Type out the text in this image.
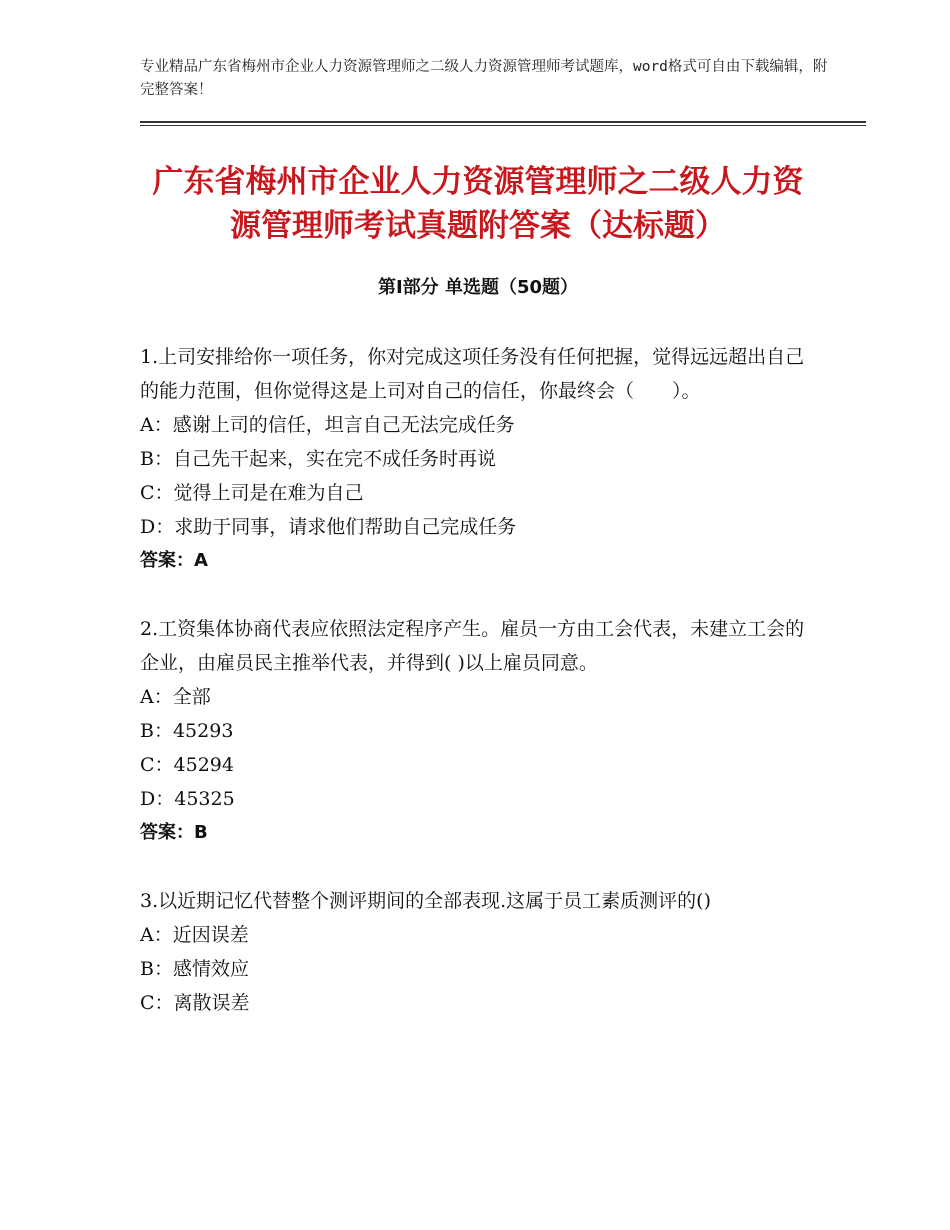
专业精品广东省梅州市企业人力资源管理师之二级人力资源管理师考试题库，word格式可自由下载编辑，附完整答案！
广东省梅州市企业人力资源管理师之二级人力资源管理师考试真题附答案（达标题）
第Ⅰ部分 单选题（50题）

1.上司安排给你一项任务，你对完成这项任务没有任何把握，觉得远远超出自己的能力范围，但你觉得这是上司对自己的信任，你最终会（　　）。

A：感谢上司的信任，坦言自己无法完成任务

B：自己先干起来，实在完不成任务时再说

C：觉得上司是在难为自己

D：求助于同事，请求他们帮助自己完成任务

答案：A

2.工资集体协商代表应依照法定程序产生。雇员一方由工会代表，未建立工会的企业，由雇员民主推举代表，并得到( )以上雇员同意。

A：全部

B：45293

C：45294

D：45325

答案：B

3.以近期记忆代替整个测评期间的全部表现.这属于员工素质测评的()

A：近因误差

B：感情效应

C：离散误差
